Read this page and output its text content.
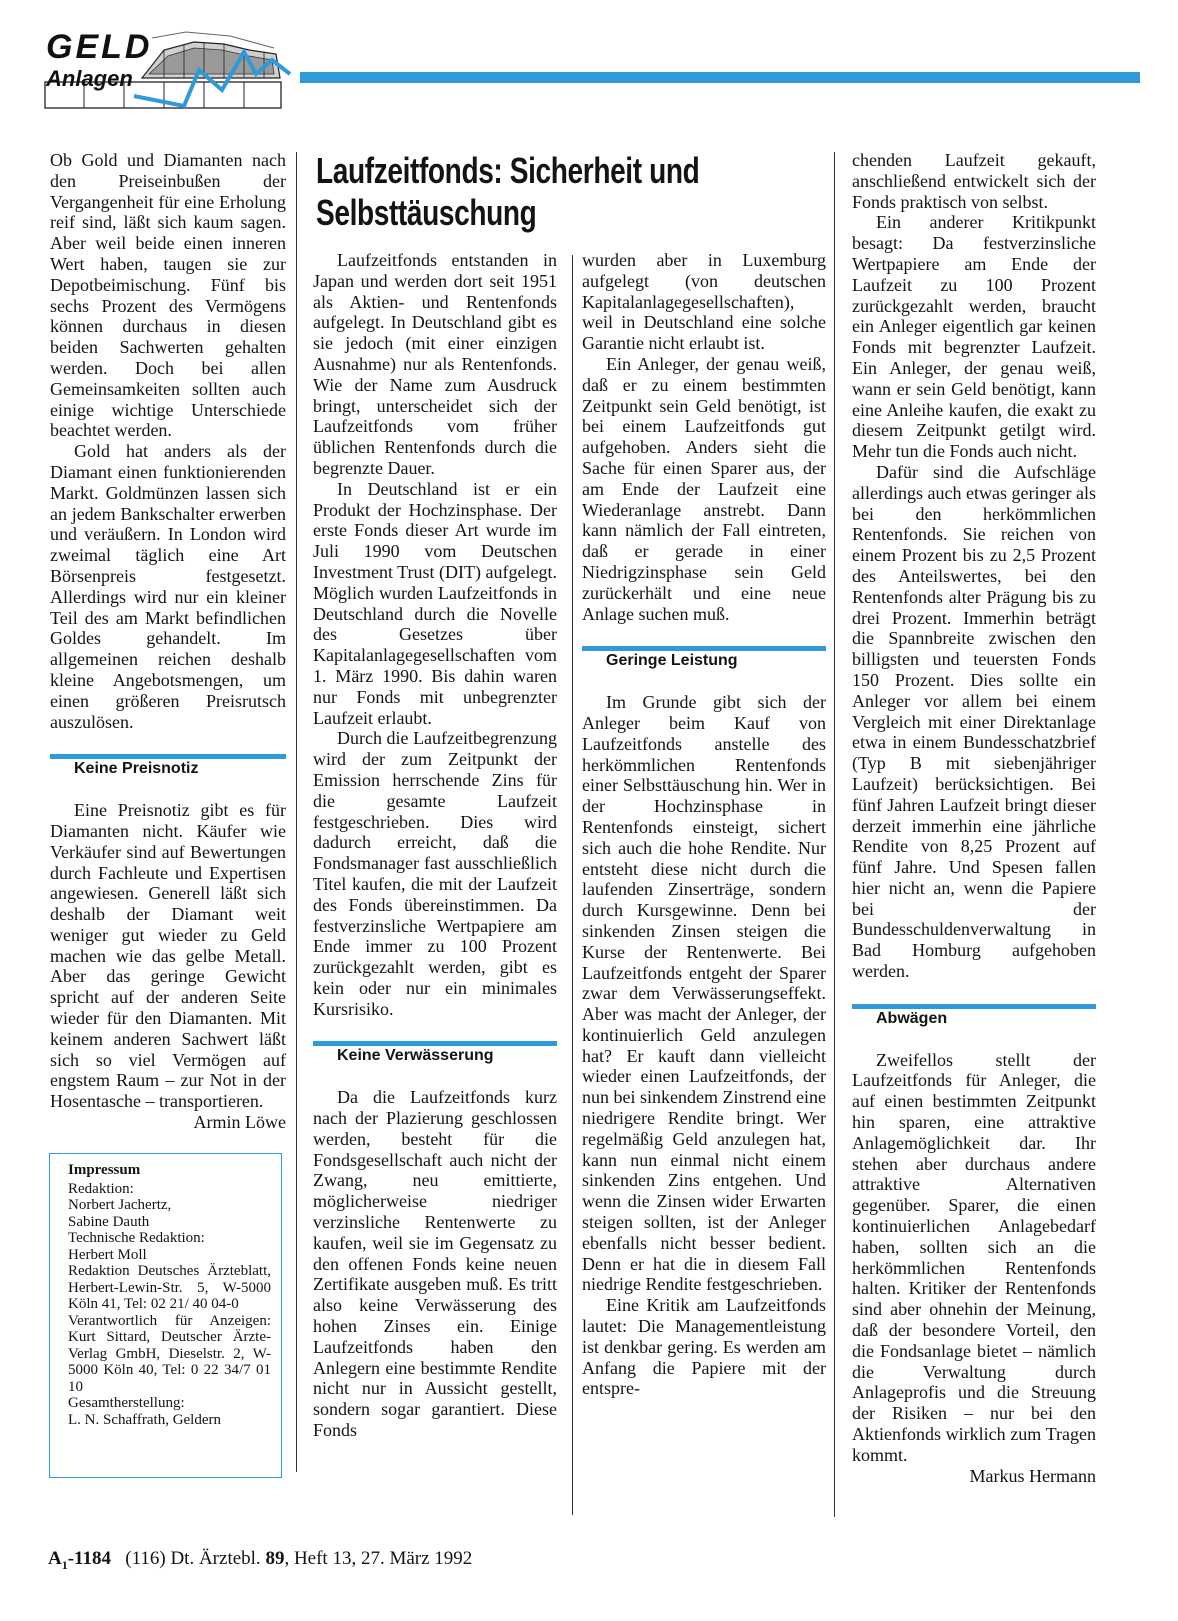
GELD

Anlagen

Ob Gold und Diamanten nach den Preiseinbußen der Vergangenheit für eine Erholung reif sind, läßt sich kaum sagen. Aber weil beide einen inneren Wert haben, taugen sie zur Depotbeimischung. Fünf bis sechs Prozent des Vermögens können durchaus in diesen beiden Sachwerten gehalten werden. Doch bei allen Gemeinsamkeiten sollten auch einige wichtige Unterschiede beachtet werden.

Gold hat anders als der Diamant einen funktionierenden Markt. Goldmünzen lassen sich an jedem Bankschalter erwerben und veräußern. In London wird zweimal täglich eine Art Börsenpreis festgesetzt. Allerdings wird nur ein kleiner Teil des am Markt befindlichen Goldes gehandelt. Im allgemeinen reichen deshalb kleine Angebotsmengen, um einen größeren Preisrutsch auszulösen.

Keine Preisnotiz

Eine Preisnotiz gibt es für Diamanten nicht. Käufer wie Verkäufer sind auf Bewertungen durch Fachleute und Expertisen angewiesen. Generell läßt sich deshalb der Diamant weit weniger gut wieder zu Geld machen wie das gelbe Metall. Aber das geringe Gewicht spricht auf der anderen Seite wieder für den Diamanten. Mit keinem anderen Sachwert läßt sich so viel Vermögen auf engstem Raum – zur Not in der Hosentasche – transportieren.
Armin Löwe

Impressum

Redaktion:

Norbert Jachertz,

Sabine Dauth

Technische Redaktion:

Herbert Moll

Redaktion Deutsches Ärzteblatt, Herbert-Lewin-Str. 5, W-5000 Köln 41, Tel: 02 21/ 40 04-0

Verantwortlich für Anzeigen: Kurt Sittard, Deutscher Ärzte-Verlag GmbH, Dieselstr. 2, W-5000 Köln 40, Tel: 0 22 34/7 01 10

Gesamtherstellung:

L. N. Schaffrath, Geldern

Laufzeitfonds: Sicherheit und Selbsttäuschung

Laufzeitfonds entstanden in Japan und werden dort seit 1951 als Aktien- und Rentenfonds aufgelegt. In Deutschland gibt es sie jedoch (mit einer einzigen Ausnahme) nur als Rentenfonds. Wie der Name zum Ausdruck bringt, unterscheidet sich der Laufzeitfonds vom früher üblichen Rentenfonds durch die begrenzte Dauer.

In Deutschland ist er ein Produkt der Hochzinsphase. Der erste Fonds dieser Art wurde im Juli 1990 vom Deutschen Investment Trust (DIT) aufgelegt. Möglich wurden Laufzeitfonds in Deutschland durch die Novelle des Gesetzes über Kapitalanlagegesellschaften vom 1. März 1990. Bis dahin waren nur Fonds mit unbegrenzter Laufzeit erlaubt.

Durch die Laufzeitbegrenzung wird der zum Zeitpunkt der Emission herrschende Zins für die gesamte Laufzeit festgeschrieben. Dies wird dadurch erreicht, daß die Fondsmanager fast ausschließlich Titel kaufen, die mit der Laufzeit des Fonds übereinstimmen. Da festverzinsliche Wertpapiere am Ende immer zu 100 Prozent zurückgezahlt werden, gibt es kein oder nur ein minimales Kursrisiko.

Keine Verwässerung

Da die Laufzeitfonds kurz nach der Plazierung geschlossen werden, besteht für die Fondsgesellschaft auch nicht der Zwang, neu emittierte, möglicherweise niedriger verzinsliche Rentenwerte zu kaufen, weil sie im Gegensatz zu den offenen Fonds keine neuen Zertifikate ausgeben muß. Es tritt also keine Verwässerung des hohen Zinses ein. Einige Laufzeitfonds haben den Anlegern eine bestimmte Rendite nicht nur in Aussicht gestellt, sondern sogar garantiert. Diese Fonds

wurden aber in Luxemburg aufgelegt (von deutschen Kapitalanlagegesellschaften), weil in Deutschland eine solche Garantie nicht erlaubt ist.

Ein Anleger, der genau weiß, daß er zu einem bestimmten Zeitpunkt sein Geld benötigt, ist bei einem Laufzeitfonds gut aufgehoben. Anders sieht die Sache für einen Sparer aus, der am Ende der Laufzeit eine Wiederanlage anstrebt. Dann kann nämlich der Fall eintreten, daß er gerade in einer Niedrigzinsphase sein Geld zurückerhält und eine neue Anlage suchen muß.

Geringe Leistung

Im Grunde gibt sich der Anleger beim Kauf von Laufzeitfonds anstelle des herkömmlichen Rentenfonds einer Selbsttäuschung hin. Wer in der Hochzinsphase in Rentenfonds einsteigt, sichert sich auch die hohe Rendite. Nur entsteht diese nicht durch die laufenden Zinserträge, sondern durch Kursgewinne. Denn bei sinkenden Zinsen steigen die Kurse der Rentenwerte. Bei Laufzeitfonds entgeht der Sparer zwar dem Verwässerungseffekt. Aber was macht der Anleger, der kontinuierlich Geld anzulegen hat? Er kauft dann vielleicht wieder einen Laufzeitfonds, der nun bei sinkendem Zinstrend eine niedrigere Rendite bringt. Wer regelmäßig Geld anzulegen hat, kann nun einmal nicht einem sinkenden Zins entgehen. Und wenn die Zinsen wider Erwarten steigen sollten, ist der Anleger ebenfalls nicht besser bedient. Denn er hat die in diesem Fall niedrige Rendite festgeschrieben.

Eine Kritik am Laufzeitfonds lautet: Die Managementleistung ist denkbar gering. Es werden am Anfang die Papiere mit der entspre-

chenden Laufzeit gekauft, anschließend entwickelt sich der Fonds praktisch von selbst.

Ein anderer Kritikpunkt besagt: Da festverzinsliche Wertpapiere am Ende der Laufzeit zu 100 Prozent zurückgezahlt werden, braucht ein Anleger eigentlich gar keinen Fonds mit begrenzter Laufzeit. Ein Anleger, der genau weiß, wann er sein Geld benötigt, kann eine Anleihe kaufen, die exakt zu diesem Zeitpunkt getilgt wird. Mehr tun die Fonds auch nicht.

Dafür sind die Aufschläge allerdings auch etwas geringer als bei den herkömmlichen Rentenfonds. Sie reichen von einem Prozent bis zu 2,5 Prozent des Anteilswertes, bei den Rentenfonds alter Prägung bis zu drei Prozent. Immerhin beträgt die Spannbreite zwischen den billigsten und teuersten Fonds 150 Prozent. Dies sollte ein Anleger vor allem bei einem Vergleich mit einer Direktanlage etwa in einem Bundesschatzbrief (Typ B mit siebenjähriger Laufzeit) berücksichtigen. Bei fünf Jahren Laufzeit bringt dieser derzeit immerhin eine jährliche Rendite von 8,25 Prozent auf fünf Jahre. Und Spesen fallen hier nicht an, wenn die Papiere bei der Bundesschuldenverwaltung in Bad Homburg aufgehoben werden.

Abwägen

Zweifellos stellt der Laufzeitfonds für Anleger, die auf einen bestimmten Zeitpunkt hin sparen, eine attraktive Anlagemöglichkeit dar. Ihr stehen aber durchaus andere attraktive Alternativen gegenüber. Sparer, die einen kontinuierlichen Anlagebedarf haben, sollten sich an die herkömmlichen Rentenfonds halten. Kritiker der Rentenfonds sind aber ohnehin der Meinung, daß der besondere Vorteil, den die Fondsanlage bietet – nämlich die Verwaltung durch Anlageprofis und die Streuung der Risiken – nur bei den Aktienfonds wirklich zum Tragen kommt.

Markus Hermann

$A_1-1184$ (116) Dt. Ärztebl. 89, Heft 13, 27. März 1992
